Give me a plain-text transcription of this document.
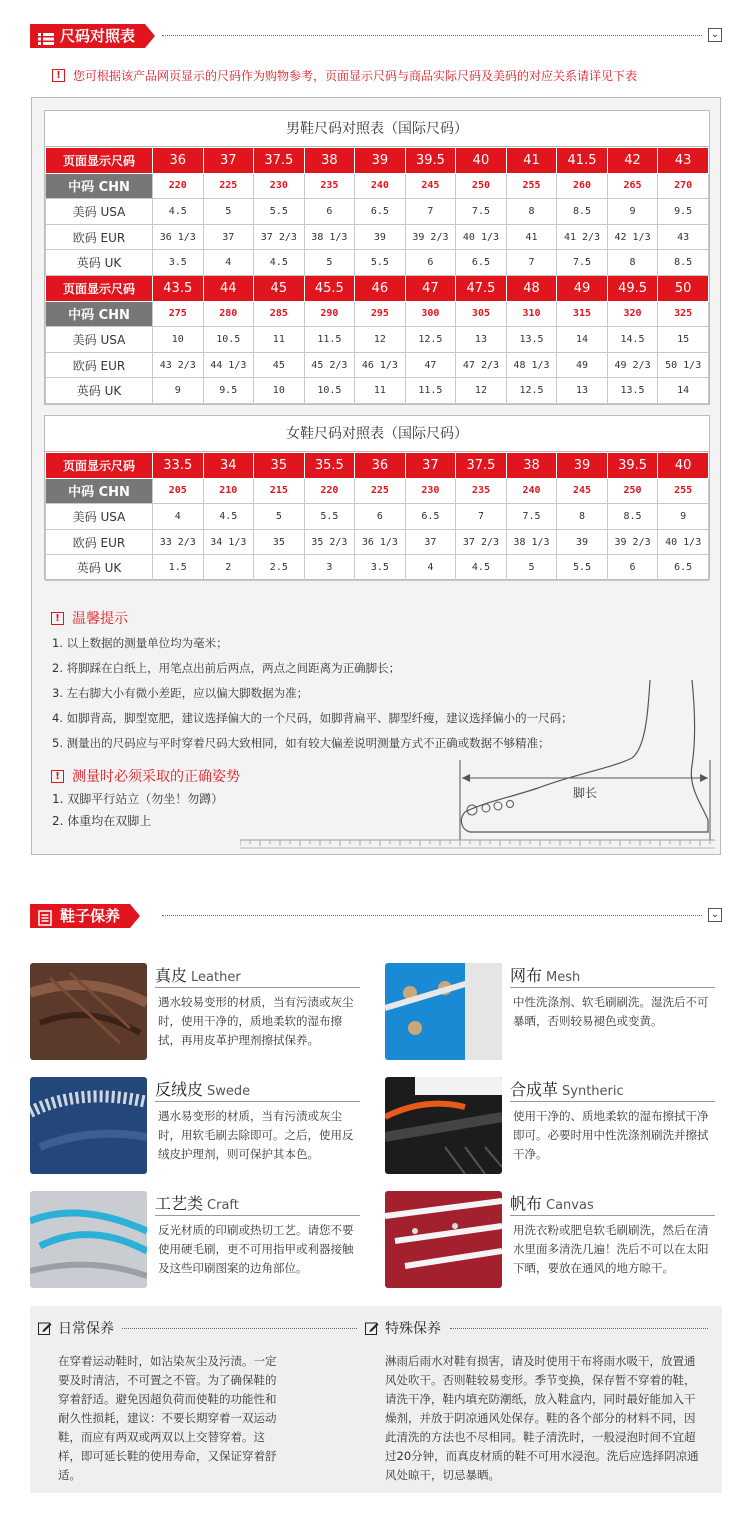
尺码对照表	⌄
!	您可根据该产品网页显示的尺码作为购物参考，页面显示尺码与商品实际尺码及美码的对应关系请详见下表
男鞋尺码对照表（国际尺码）
页面显示尺码	36	37	37.5	38	39	39.5	40	41	41.5	42	43
中码 CHN	220	225	230	235	240	245	250	255	260	265	270
美码 USA	4.5	5	5.5	6	6.5	7	7.5	8	8.5	9	9.5
欧码 EUR	36 1/3	37	37 2/3	38 1/3	39	39 2/3	40 1/3	41	41 2/3	42 1/3	43
英码 UK	3.5	4	4.5	5	5.5	6	6.5	7	7.5	8	8.5
页面显示尺码	43.5	44	45	45.5	46	47	47.5	48	49	49.5	50
中码 CHN	275	280	285	290	295	300	305	310	315	320	325
美码 USA	10	10.5	11	11.5	12	12.5	13	13.5	14	14.5	15
欧码 EUR	43 2/3	44 1/3	45	45 2/3	46 1/3	47	47 2/3	48 1/3	49	49 2/3	50 1/3
英码 UK	9	9.5	10	10.5	11	11.5	12	12.5	13	13.5	14
女鞋尺码对照表（国际尺码）
页面显示尺码	33.5	34	35	35.5	36	37	37.5	38	39	39.5	40
中码 CHN	205	210	215	220	225	230	235	240	245	250	255
美码 USA	4	4.5	5	5.5	6	6.5	7	7.5	8	8.5	9
欧码 EUR	33 2/3	34 1/3	35	35 2/3	36 1/3	37	37 2/3	38 1/3	39	39 2/3	40 1/3
英码 UK	1.5	2	2.5	3	3.5	4	4.5	5	5.5	6	6.5
! 温馨提示
1. 以上数据的测量单位均为毫米；
2. 将脚踩在白纸上，用笔点出前后两点，两点之间距离为正确脚长；
3. 左右脚大小有微小差距，应以偏大脚数据为准；
4. 如脚背高，脚型宽肥，建议选择偏大的一个尺码，如脚背扁平、脚型纤瘦，建议选择偏小的一尺码；
5. 测量出的尺码应与平时穿着尺码大致相同，如有较大偏差说明测量方式不正确或数据不够精准；
! 测量时必须采取的正确姿势
1. 双脚平行站立（勿坐！勿蹲）
2. 体重均在双脚上
脚长
鞋子保养	⌄
真皮 Leather
遇水较易变形的材质，当有污渍或灰尘时，使用干净的，质地柔软的湿布擦拭，再用皮革护理剂擦拭保养。
网布 Mesh
中性洗涤剂、软毛刷刷洗。湿洗后不可暴晒，否则较易褪色或变黄。
反绒皮 Swede
遇水易变形的材质，当有污渍或灰尘时，用软毛刷去除即可。之后，使用反绒皮护理剂，则可保护其本色。
合成革 Syntheric
使用干净的、质地柔软的湿布擦拭干净即可。必要时用中性洗涤剂刷洗并擦拭干净。
工艺类 Craft
反光材质的印刷或热切工艺。请您不要使用硬毛刷，更不可用指甲或利器接触及这些印刷图案的边角部位。
帆布 Canvas
用洗衣粉或肥皂软毛刷刷洗，然后在清水里面多清洗几遍！洗后不可以在太阳下晒，要放在通风的地方晾干。
日常保养
在穿着运动鞋时，如沾染灰尘及污渍。一定要及时清洁，不可置之不管。为了确保鞋的穿着舒适。避免因超负荷而使鞋的功能性和耐久性损耗，建议：不要长期穿着一双运动鞋，而应有两双或两双以上交替穿着。这样，即可延长鞋的使用寿命，又保证穿着舒适。
特殊保养
淋雨后雨水对鞋有损害，请及时使用干布将雨水吸干，放置通风处吹干。否则鞋较易变形。季节变换，保存暂不穿着的鞋，请洗干净，鞋内填充防潮纸，放入鞋盒内，同时最好能加入干燥剂，并放于阴凉通风处保存。鞋的各个部分的材料不同，因此清洗的方法也不尽相同。鞋子清洗时，一般浸泡时间不宜超过20分钟，而真皮材质的鞋不可用水浸泡。洗后应选择阴凉通风处晾干，切忌暴晒。
